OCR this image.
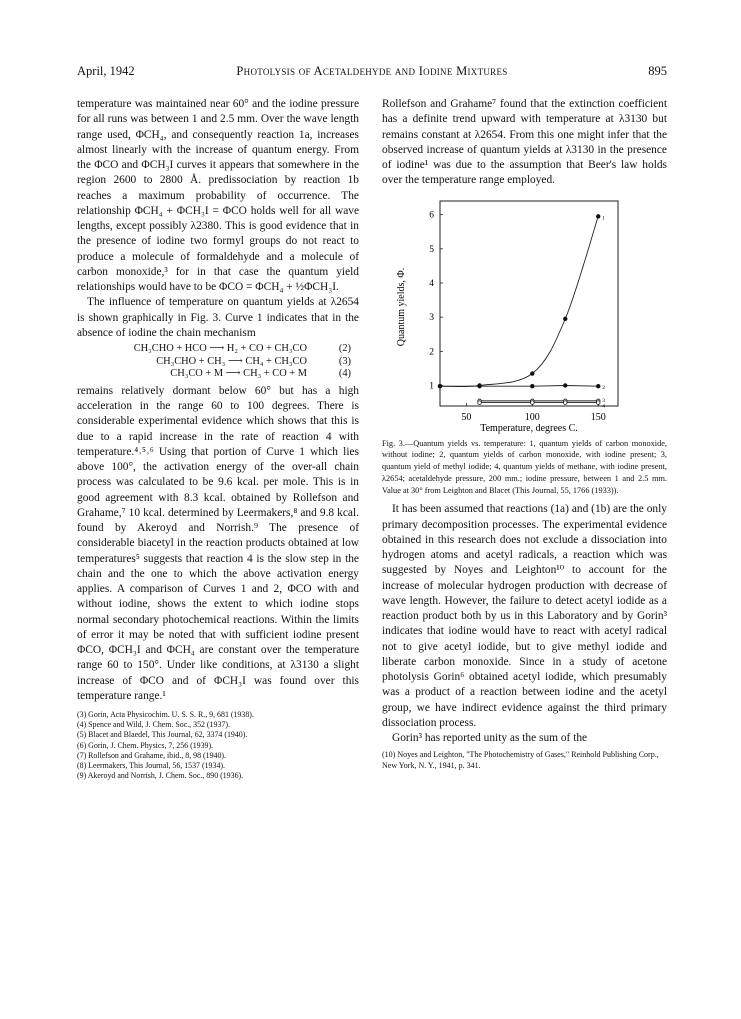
April, 1942	Photolysis of Acetaldehyde and Iodine Mixtures	895

temperature was maintained near 60° and the iodine pressure for all runs was between 1 and 2.5 mm. Over the wave length range used, ΦCH₄, and consequently reaction 1a, increases almost linearly with the increase of quantum energy. From the ΦCO and ΦCH₃I curves it appears that somewhere in the region 2600 to 2800 Å. predissociation by reaction 1b reaches a maximum probability of occurrence. The relationship ΦCH₄ + ΦCH₃I = ΦCO holds well for all wave lengths, except possibly λ2380. This is good evidence that in the presence of iodine two formyl groups do not react to produce a molecule of formaldehyde and a molecule of carbon monoxide,³ for in that case the quantum yield relationships would have to be ΦCO = ΦCH₄ + ½ΦCH₃I.

The influence of temperature on quantum yields at λ2654 is shown graphically in Fig. 3. Curve 1 indicates that in the absence of iodine the chain mechanism

CH₃CHO + HCO ⟶ H₂ + CO + CH₃CO	(2)
CH₃CHO + CH₃ ⟶ CH₄ + CH₃CO	(3)
CH₃CO + M ⟶ CH₃ + CO + M	(4)

remains relatively dormant below 60° but has a high acceleration in the range 60 to 100 degrees. There is considerable experimental evidence which shows that this is due to a rapid increase in the rate of reaction 4 with temperature.⁴˒⁵˒⁶ Using that portion of Curve 1 which lies above 100°, the activation energy of the over-all chain process was calculated to be 9.6 kcal. per mole. This is in good agreement with 8.3 kcal. obtained by Rollefson and Grahame,⁷ 10 kcal. determined by Leermakers,⁸ and 9.8 kcal. found by Akeroyd and Norrish.⁹ The presence of considerable biacetyl in the reaction products obtained at low temperatures⁵ suggests that reaction 4 is the slow step in the chain and the one to which the above activation energy applies. A comparison of Curves 1 and 2, ΦCO with and without iodine, shows the extent to which iodine stops normal secondary photochemical reactions. Within the limits of error it may be noted that with sufficient iodine present ΦCO, ΦCH₃I and ΦCH₄ are constant over the temperature range 60 to 150°. Under like conditions, at λ3130 a slight increase of ΦCO and of ΦCH₃I was found over this temperature range.¹

(3) Gorin, Acta Physicochim. U. S. S. R., 9, 681 (1938).
(4) Spence and Wild, J. Chem. Soc., 352 (1937).
(5) Blacet and Blaedel, This Journal, 62, 3374 (1940).
(6) Gorin, J. Chem. Physics, 7, 256 (1939).
(7) Rollefson and Grahame, ibid., 8, 98 (1940).
(8) Leermakers, This Journal, 56, 1537 (1934).
(9) Akeroyd and Norrish, J. Chem. Soc., 890 (1936).

Rollefson and Grahame⁷ found that the extinction coefficient has a definite trend upward with temperature at λ3130 but remains constant at λ2654. From this one might infer that the observed increase of quantum yields at λ3130 in the presence of iodine¹ was due to the assumption that Beer's law holds over the temperature range employed.

Quantum yields, Φ.
Temperature, degrees C.
50	100	150
1
2
3
4
5
6	1
2
3
4
Fig. 3.—Quantum yields vs. temperature: 1, quantum yields of carbon monoxide, without iodine; 2, quantum yields of carbon monoxide, with iodine present; 3, quantum yield of methyl iodide; 4, quantum yields of methane, with iodine present, λ2654; acetaldehyde pressure, 200 mm.; iodine pressure, between 1 and 2.5 mm. Value at 30° from Leighton and Blacet (This Journal, 55, 1766 (1933)).

It has been assumed that reactions (1a) and (1b) are the only primary decomposition processes. The experimental evidence obtained in this research does not exclude a dissociation into hydrogen atoms and acetyl radicals, a reaction which was suggested by Noyes and Leighton¹⁰ to account for the increase of molecular hydrogen production with decrease of wave length. However, the failure to detect acetyl iodide as a reaction product both by us in this Laboratory and by Gorin³ indicates that iodine would have to react with acetyl radical not to give acetyl iodide, but to give methyl iodide and liberate carbon monoxide. Since in a study of acetone photolysis Gorin⁶ obtained acetyl iodide, which presumably was a product of a reaction between iodine and the acetyl group, we have indirect evidence against the third primary dissociation process.

Gorin³ has reported unity as the sum of the

(10) Noyes and Leighton, "The Photochemistry of Gases," Reinhold Publishing Corp., New York, N. Y., 1941, p. 341.
